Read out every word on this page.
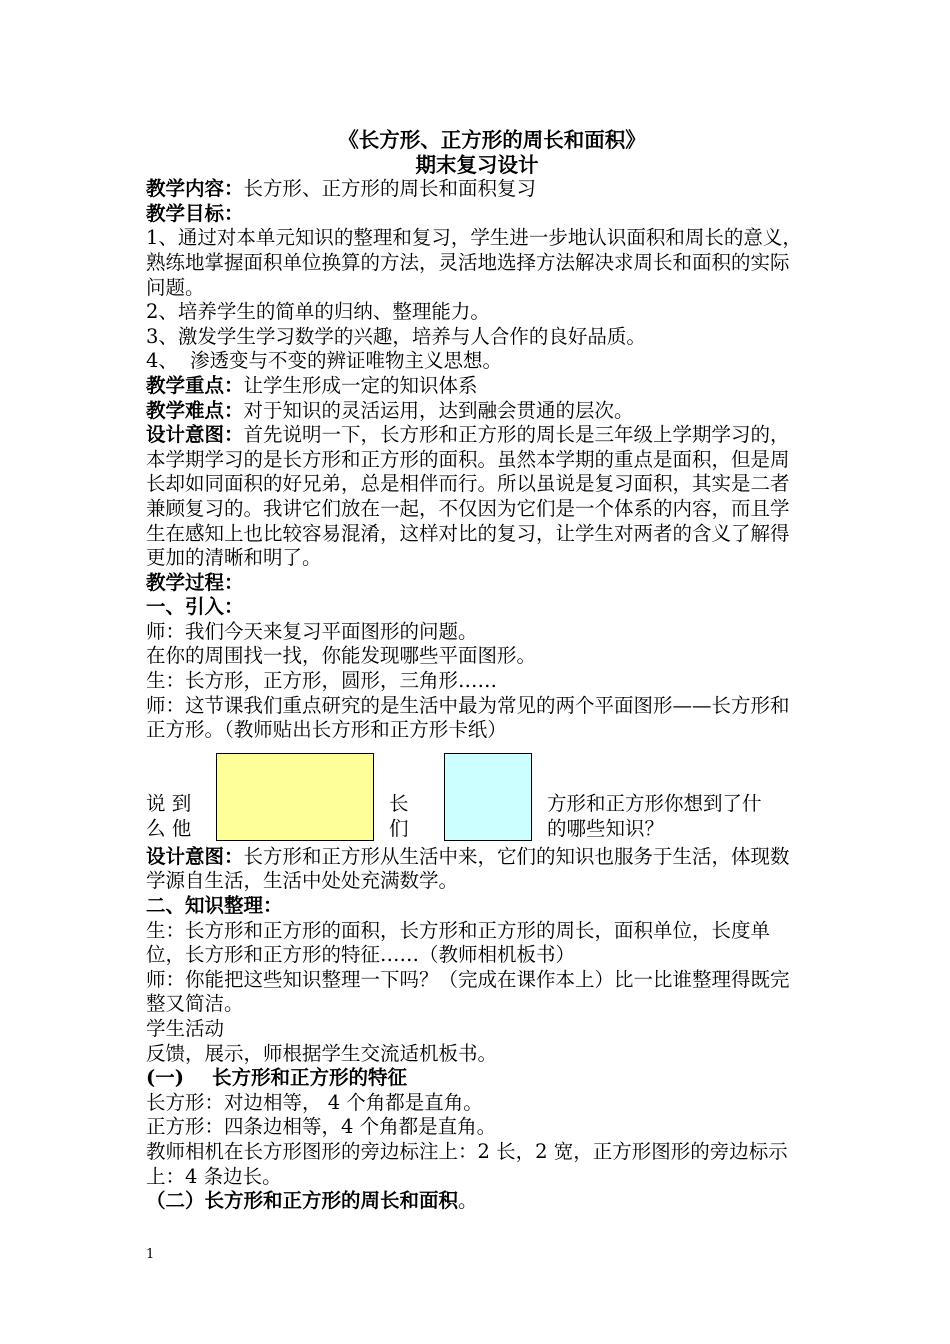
《长方形、正方形的周长和面积》
期末复习设计

教学内容：长方形、正方形的周长和面积复习

教学目标：

1、通过对本单元知识的整理和复习，学生进一步地认识面积和周长的意义，熟练地掌握面积单位换算的方法，灵活地选择方法解决求周长和面积的实际问题。

2、培养学生的简单的归纳、整理能力。

3、激发学生学习数学的兴趣，培养与人合作的良好品质。

4、 渗透变与不变的辨证唯物主义思想。

教学重点：让学生形成一定的知识体系

教学难点：对于知识的灵活运用，达到融会贯通的层次。

设计意图：首先说明一下，长方形和正方形的周长是三年级上学期学习的，本学期学习的是长方形和正方形的面积。虽然本学期的重点是面积，但是周长却如同面积的好兄弟，总是相伴而行。所以虽说是复习面积，其实是二者兼顾复习的。我讲它们放在一起，不仅因为它们是一个体系的内容，而且学生在感知上也比较容易混淆，这样对比的复习，让学生对两者的含义了解得更加的清晰和明了。

教学过程：

一、引入：

师：我们今天来复习平面图形的问题。

在你的周围找一找，你能发现哪些平面图形。

生：长方形，正方形，圆形，三角形……

师：这节课我们重点研究的是生活中最为常见的两个平面图形——长方形和正方形。（教师贴出长方形和正方形卡纸）

说 到
么 他
长
们
方形和正方形你想到了什
的哪些知识？

设计意图：长方形和正方形从生活中来，它们的知识也服务于生活，体现数学源自生活，生活中处处充满数学。

二、知识整理：

生：长方形和正方形的面积，长方形和正方形的周长，面积单位，长度单位，长方形和正方形的特征……（教师相机板书）

师：你能把这些知识整理一下吗？（完成在课作本上）比一比谁整理得既完整又简洁。

学生活动

反馈，展示，师根据学生交流适机板书。

(一) 长方形和正方形的特征

长方形：对边相等， 4 个角都是直角。

正方形：四条边相等，4 个角都是直角。

教师相机在长方形图形的旁边标注上：2 长，2 宽，正方形图形的旁边标示上：4 条边长。

（二）长方形和正方形的周长和面积。

1
